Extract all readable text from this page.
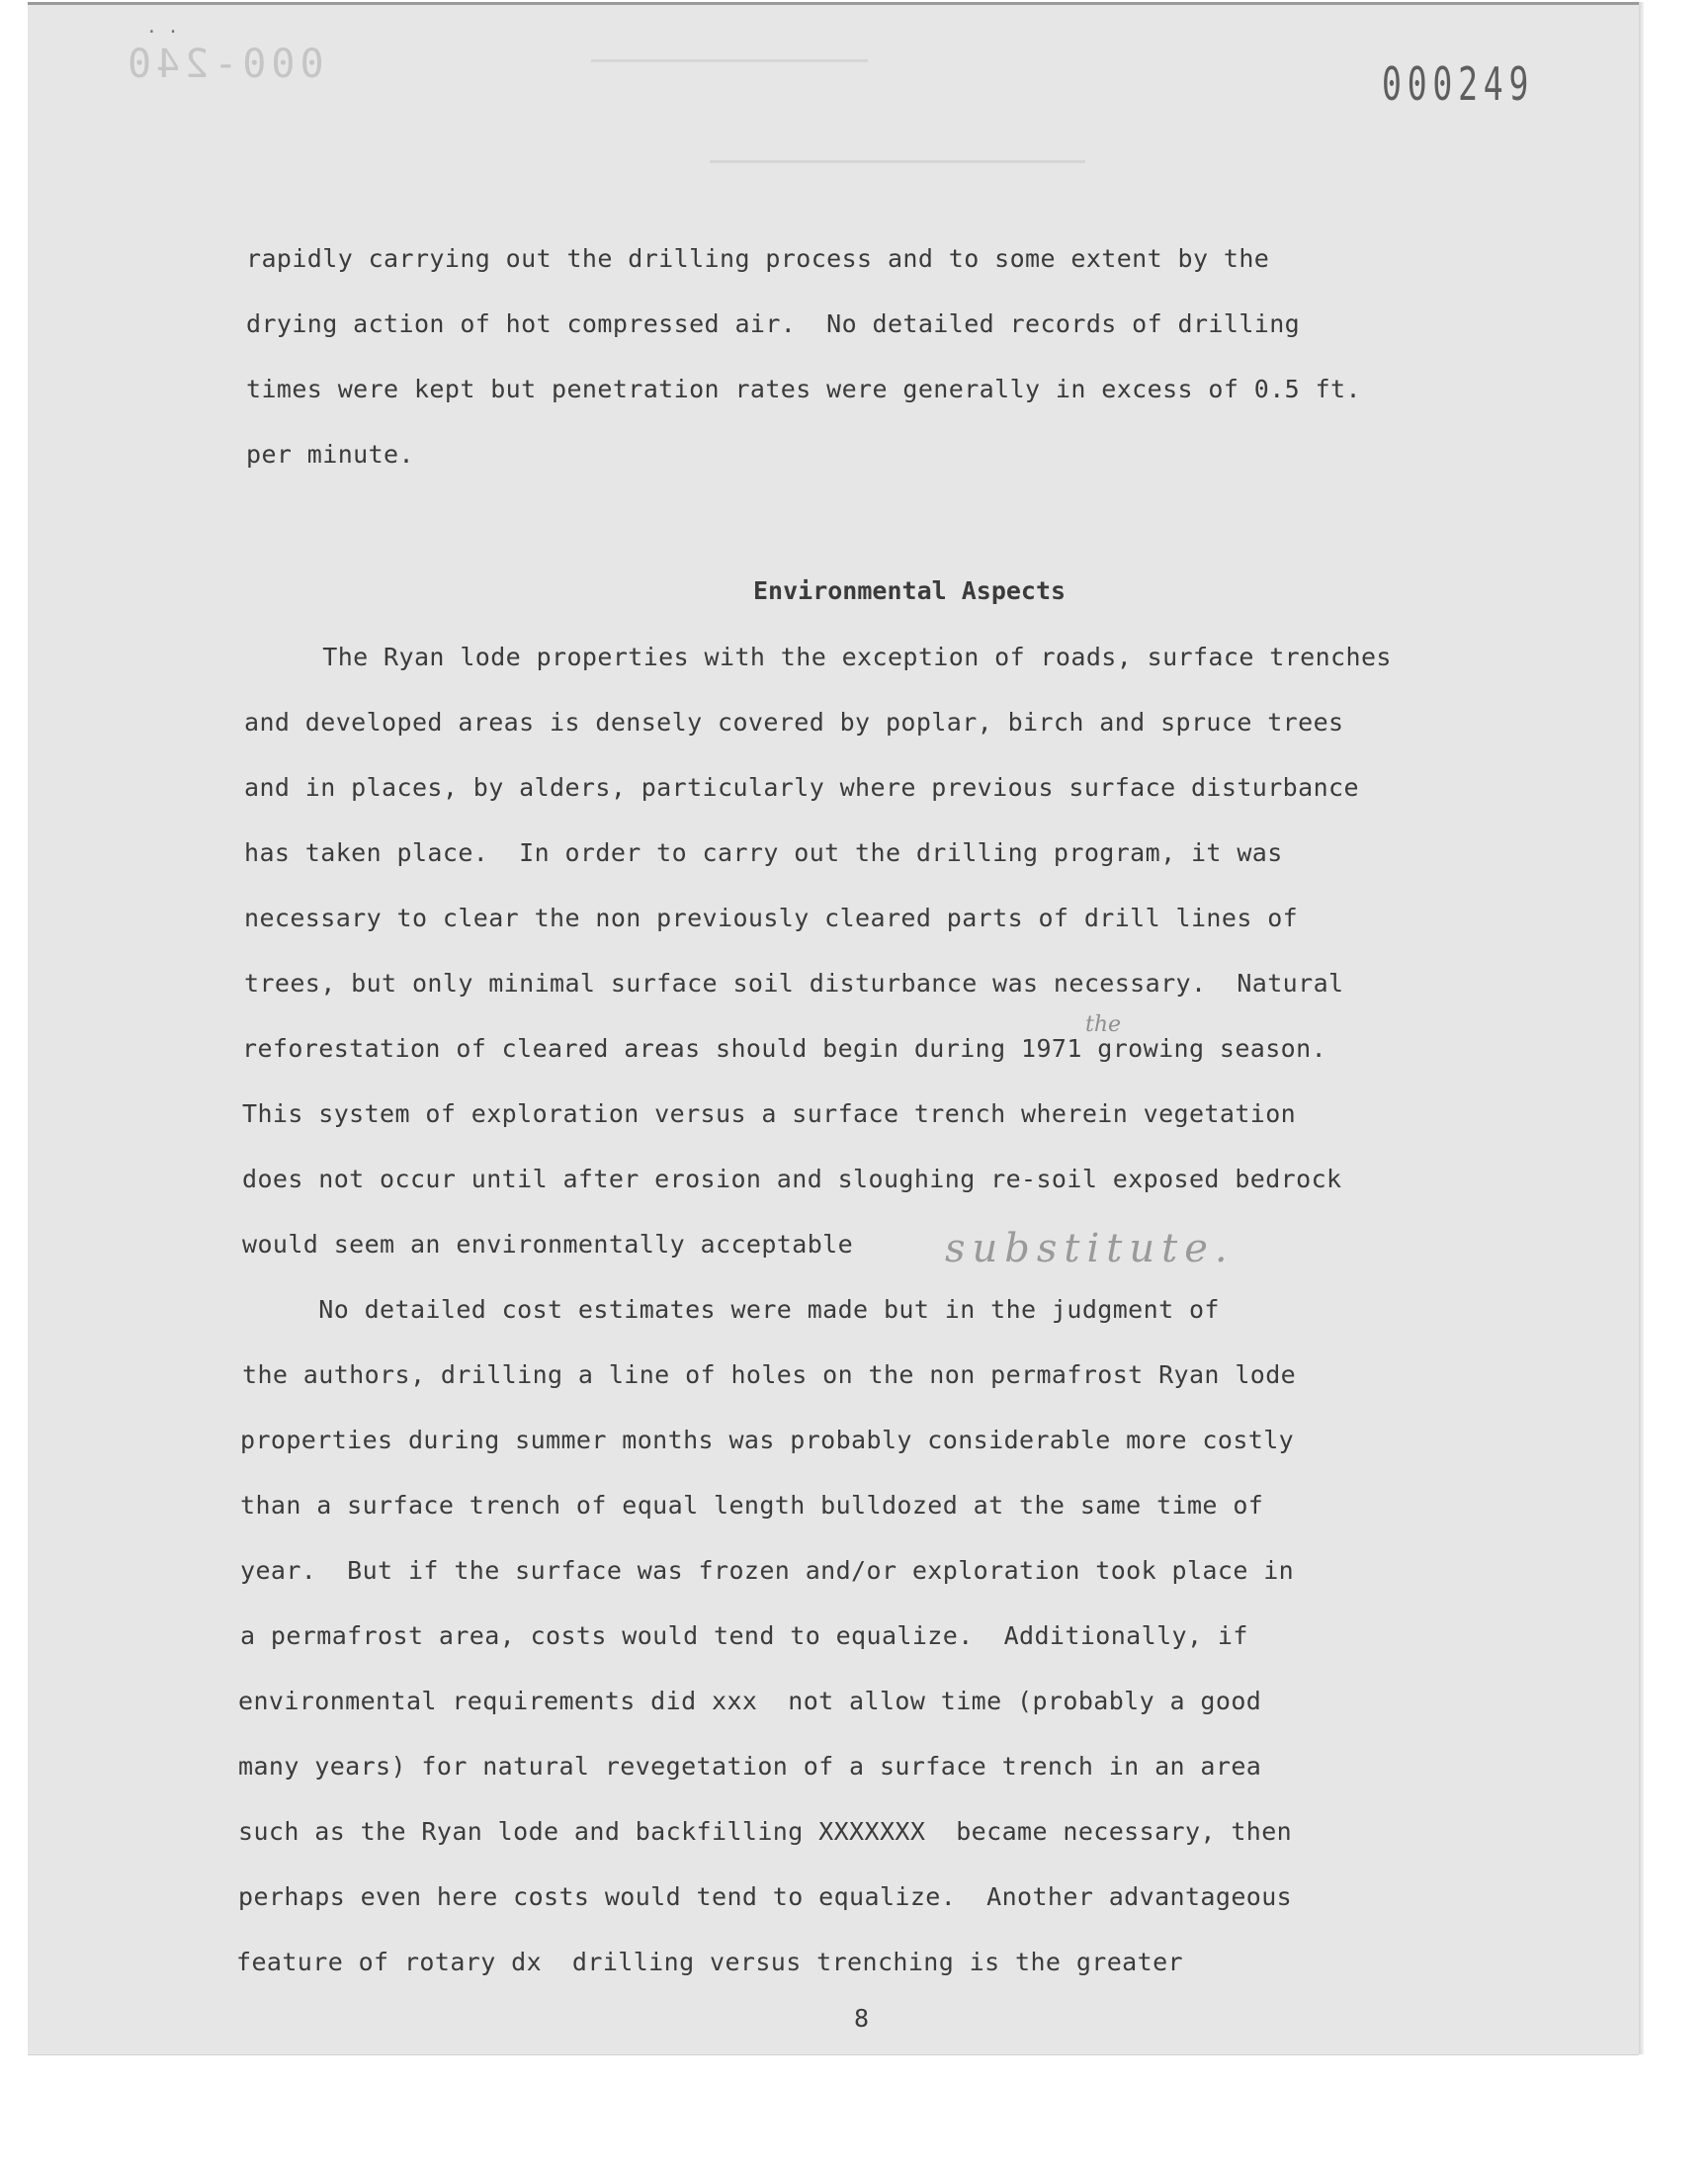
· ·
000-240	000249

rapidly carrying out the drilling process and to some extent by the

drying action of hot compressed air.  No detailed records of drilling

times were kept but penetration rates were generally in excess of 0.5 ft.

per minute.

Environmental Aspects

The Ryan lode properties with the exception of roads, surface trenches

and developed areas is densely covered by poplar, birch and spruce trees

and in places, by alders, particularly where previous surface disturbance

has taken place.  In order to carry out the drilling program, it was

necessary to clear the non previously cleared parts of drill lines of

trees, but only minimal surface soil disturbance was necessary.  Natural

reforestation of cleared areas should begin during 1971 growing season.

This system of exploration versus a surface trench wherein vegetation

does not occur until after erosion and sloughing re-soil exposed bedrock

would seem an environmentally acceptable

the
substitute.

No detailed cost estimates were made but in the judgment of

the authors, drilling a line of holes on the non permafrost Ryan lode

properties during summer months was probably considerable more costly

than a surface trench of equal length bulldozed at the same time of

year.  But if the surface was frozen and/or exploration took place in

a permafrost area, costs would tend to equalize.  Additionally, if

environmental requirements did xxx  not allow time (probably a good

many years) for natural revegetation of a surface trench in an area

such as the Ryan lode and backfilling XXXXXXX  became necessary, then

perhaps even here costs would tend to equalize.  Another advantageous

feature of rotary dx  drilling versus trenching is the greater

8
